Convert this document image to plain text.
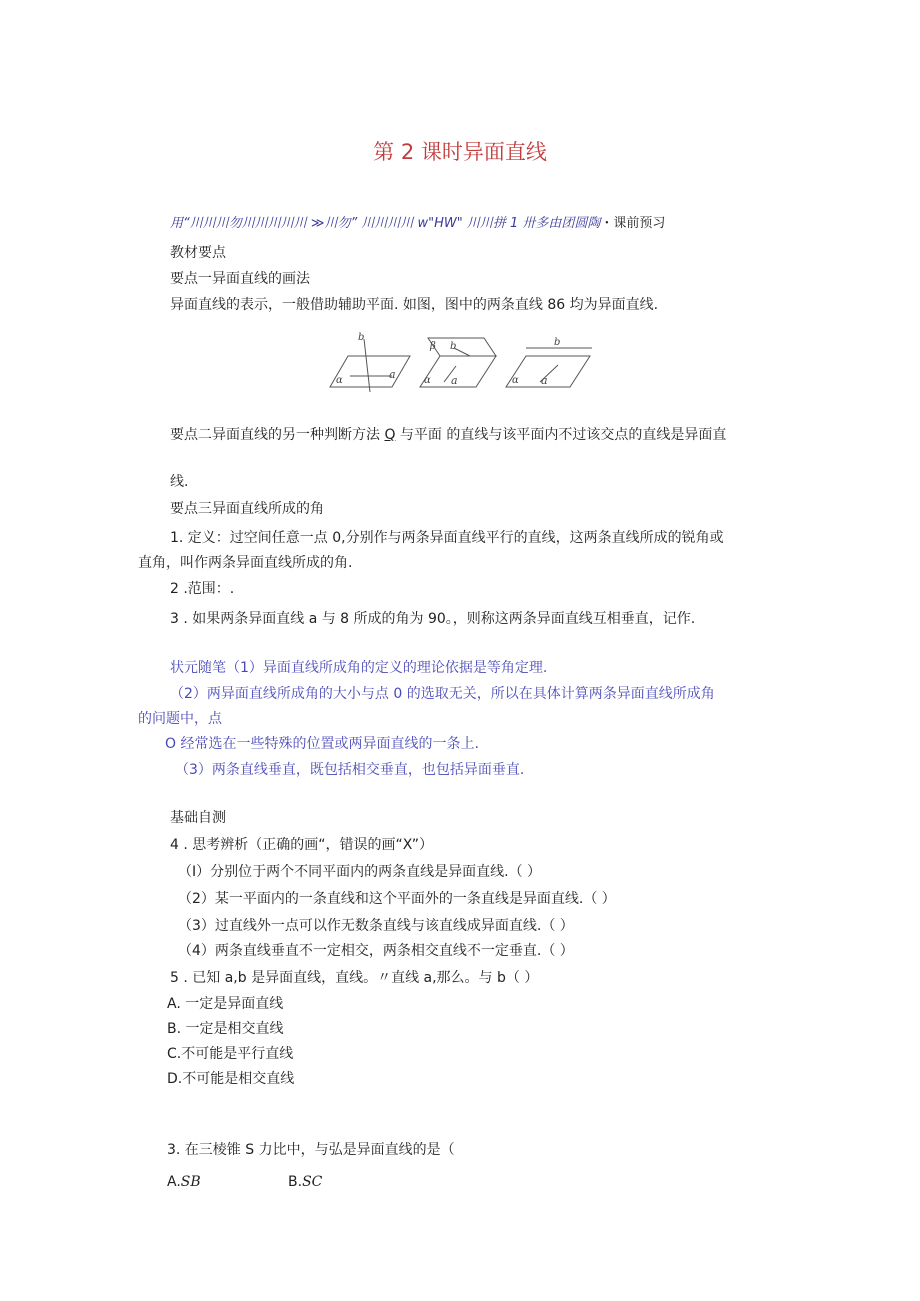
第 2 课时异面直线
用“川川川勿川川川川川 ≫川勿” 川川川川 w"HW" 川川拼 1 卅多由团圆陶・课前预习
教材要点
要点一异面直线的画法
异面直线的表示，一般借助辅助平面. 如图，图中的两条直线 86 均为异面直线.
b
a
α
β b
a
α
b
a
α
要点二异面直线的另一种判断方法 Q 与平面 的直线与该平面内不过该交点的直线是异面直
线.
要点三异面直线所成的角
1. 定义：过空间任意一点 0,分别作与两条异面直线平行的直线，这两条直线所成的锐角或
直角，叫作两条异面直线所成的角.
2 .范围：.
3 . 如果两条异面直线 a 与 8 所成的角为 90。，则称这两条异面直线互相垂直，记作.
状元随笔（1）异面直线所成角的定义的理论依据是等角定理.
（2）两异面直线所成角的大小与点 0 的选取无关，所以在具体计算两条异面直线所成角
的问题中，点
O 经常选在一些特殊的位置或两异面直线的一条上.
（3）两条直线垂直，既包括相交垂直，也包括异面垂直.
基础自测
4 . 思考辨析（正确的画“，错误的画“X”）
（I）分别位于两个不同平面内的两条直线是异面直线.（ ）
（2）某一平面内的一条直线和这个平面外的一条直线是异面直线.（ ）
（3）过直线外一点可以作无数条直线与该直线成异面直线.（ ）
（4）两条直线垂直不一定相交，两条相交直线不一定垂直.（ ）
5 . 已知 a,b 是异面直线，直线。〃直线 a,那么。与 b（ ）
A. 一定是异面直线
B. 一定是相交直线
C.不可能是平行直线
D.不可能是相交直线
3. 在三棱锥 S 力比中，与弘是异面直线的是（
A.SB	B.SC
